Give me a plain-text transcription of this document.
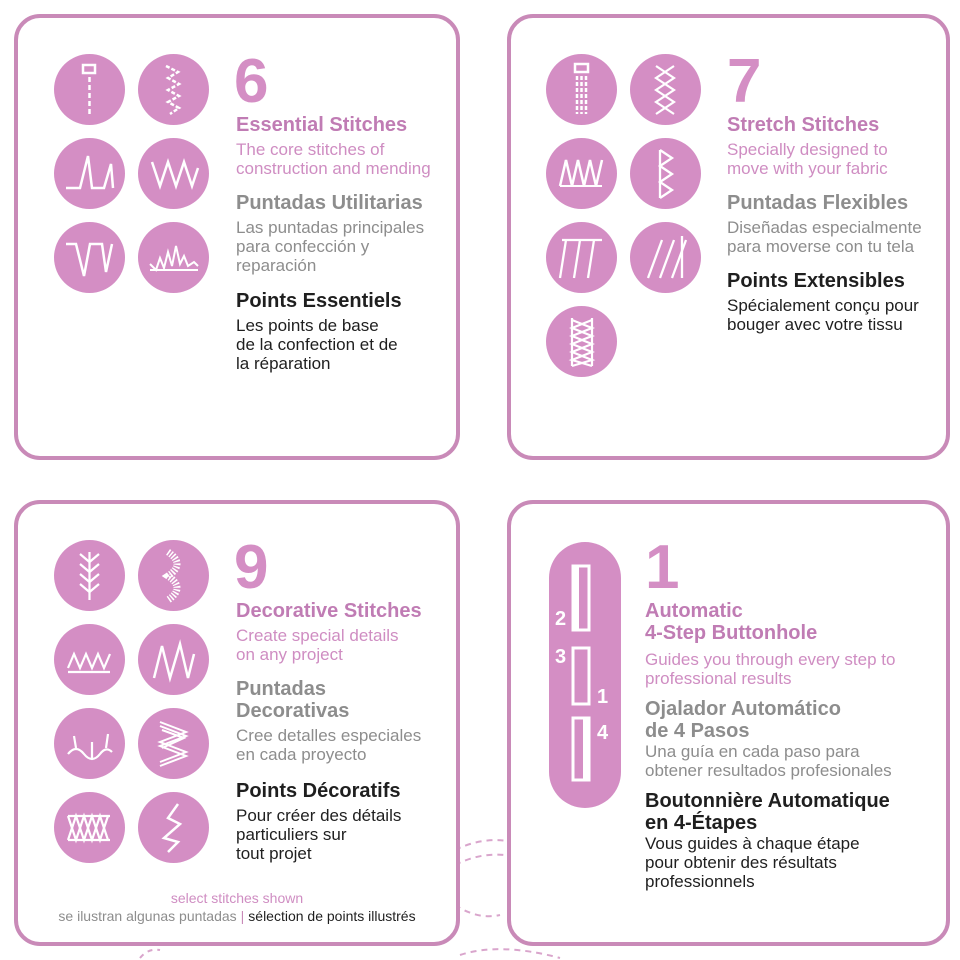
6
Essential Stitches
The core stitches of
construction and mending
Puntadas Utilitarias
Las puntadas principales
para confección y
reparación
Points Essentiels
Les points de base
de la confection et de
la réparation
7
Stretch Stitches
Specially designed to
move with your fabric
Puntadas Flexibles
Diseñadas especialmente
para moverse con tu tela
Points Extensibles
Spécialement conçu pour
bouger avec votre tissu
9
Decorative Stitches
Create special details
on any project
Puntadas
Decorativas
Cree detalles especiales
en cada proyecto
Points Décoratifs
Pour créer des détails
particuliers sur
tout projet
select stitches shown
se ilustran algunas puntadas | sélection de points illustrés
2
3
1
4
1
Automatic
4-Step Buttonhole
Guides you through every step to
professional results
Ojalador Automático
de 4 Pasos
Una guía en cada paso para
obtener resultados profesionales
Boutonnière Automatique
en 4-Étapes
Vous guides à chaque étape
pour obtenir des résultats
professionnels
